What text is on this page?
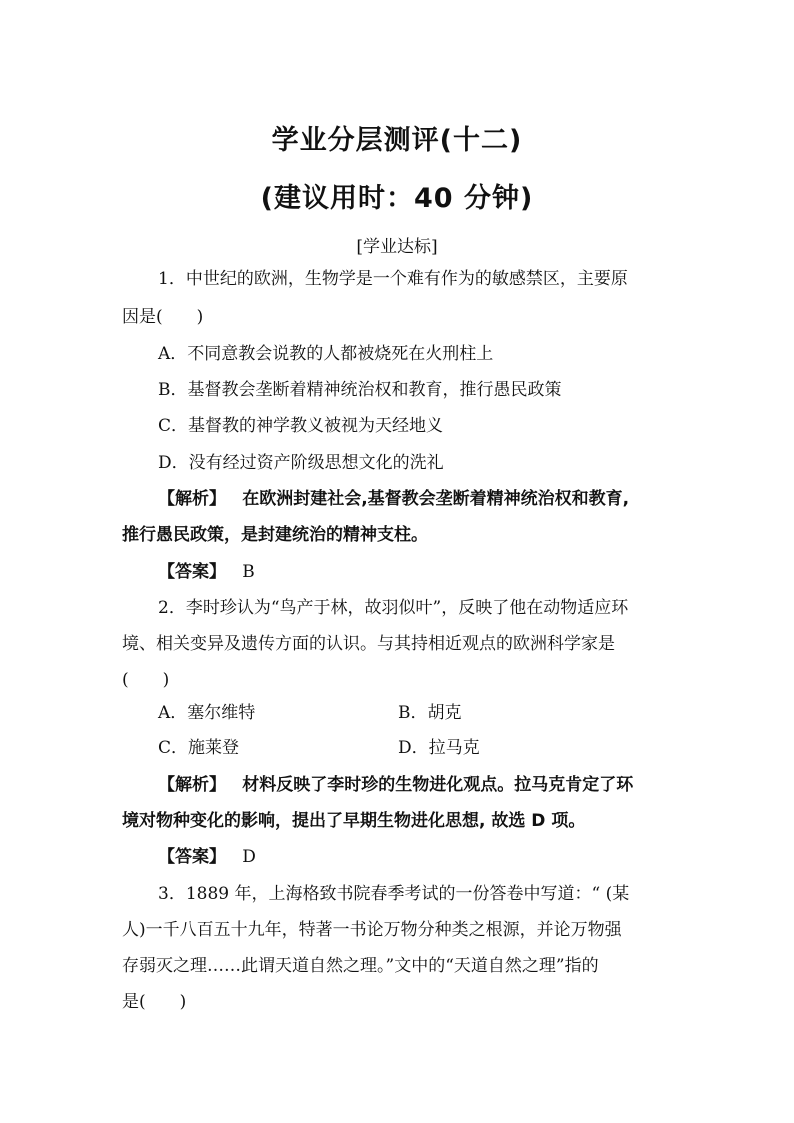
学业分层测评(十二)
(建议用时：40 分钟)
[学业达标]
1．中世纪的欧洲，生物学是一个难有作为的敏感禁区，主要原
因是(　　)
A．不同意教会说教的人都被烧死在火刑柱上
B．基督教会垄断着精神统治权和教育，推行愚民政策
C．基督教的神学教义被视为天经地义
D．没有经过资产阶级思想文化的洗礼
【解析】 在欧洲封建社会,基督教会垄断着精神统治权和教育,
推行愚民政策，是封建统治的精神支柱。
【答案】 B
2．李时珍认为“鸟产于林，故羽似叶”，反映了他在动物适应环
境、相关变异及遗传方面的认识。与其持相近观点的欧洲科学家是
(　　)
A．塞尔维特	B．胡克
C．施莱登	D．拉马克
【解析】 材料反映了李时珍的生物进化观点。拉马克肯定了环
境对物种变化的影响，提出了早期生物进化思想, 故选 D 项。
【答案】 D
3．1889 年，上海格致书院春季考试的一份答卷中写道：“ (某
人)一千八百五十九年，特著一书论万物分种类之根源，并论万物强
存弱灭之理……此谓天道自然之理。”文中的“天道自然之理”指的
是(　　)
